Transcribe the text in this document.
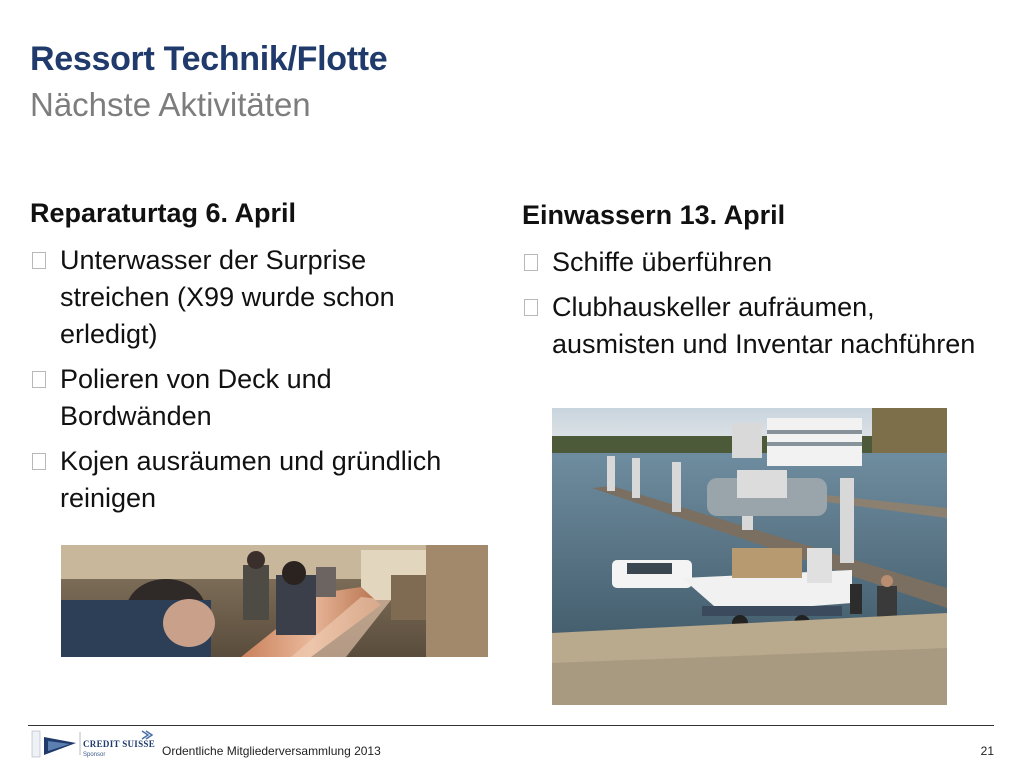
Ressort Technik/Flotte
Nächste Aktivitäten
Reparaturtag 6. April
Unterwasser der Surprise streichen (X99 wurde schon erledigt)
Polieren von Deck und Bordwänden
Kojen ausräumen und gründlich reinigen
Einwassern 13. April
Schiffe überführen
Clubhauskeller aufräumen, ausmisten und Inventar nachführen
CREDIT SUISSE
Sponsor	Ordentliche Mitgliederversammlung 2013	21
